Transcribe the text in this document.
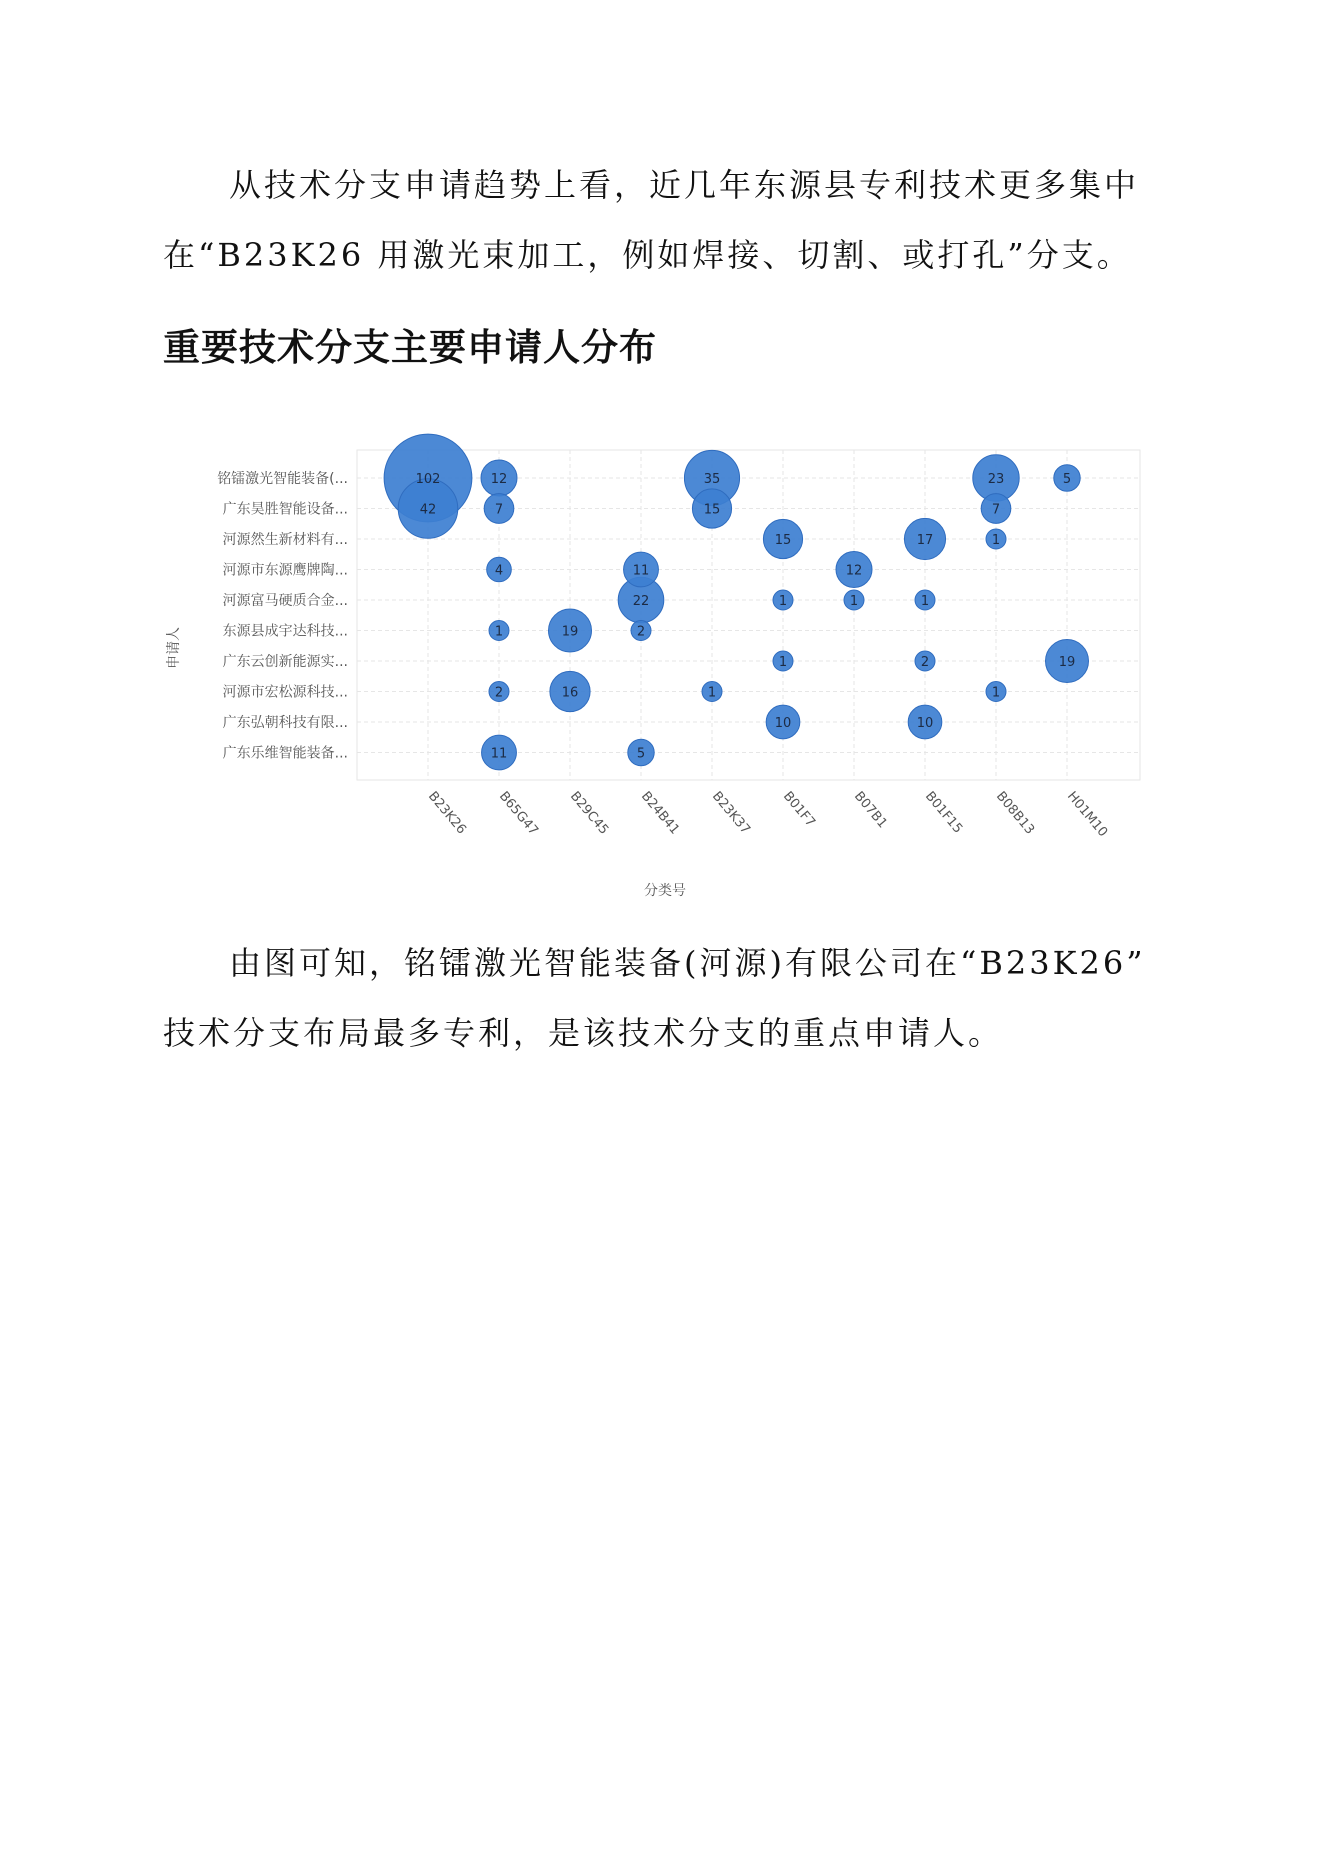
从技术分支申请趋势上看，近几年东源县专利技术更多集中
在“B23K26 用激光束加工，例如焊接、切割、或打孔”分支。

重要技术分支主要申请人分布
102
42
35	23
22
19
19
17
16
15
15
12
12
11
11
10	10
7	7
5
5
4
2
2
2
1
1	1	1
1
1
1	1
铭镭激光智能装备(...
广东昊胜智能设备...
河源然生新材料有...
河源市东源鹰牌陶...
河源富马硬质合金...
东源县成宇达科技...
广东云创新能源实...
河源市宏松源科技...
广东弘朝科技有限...
广东乐维智能装备...
B23K26 B65G47 B29C45 B24B41 B23K37 B01F7	B07B1 B01F15 B08B13 H01M10
分类号
申请人

由图可知，铭镭激光智能装备(河源)有限公司在“B23K26”
技术分支布局最多专利，是该技术分支的重点申请人。
